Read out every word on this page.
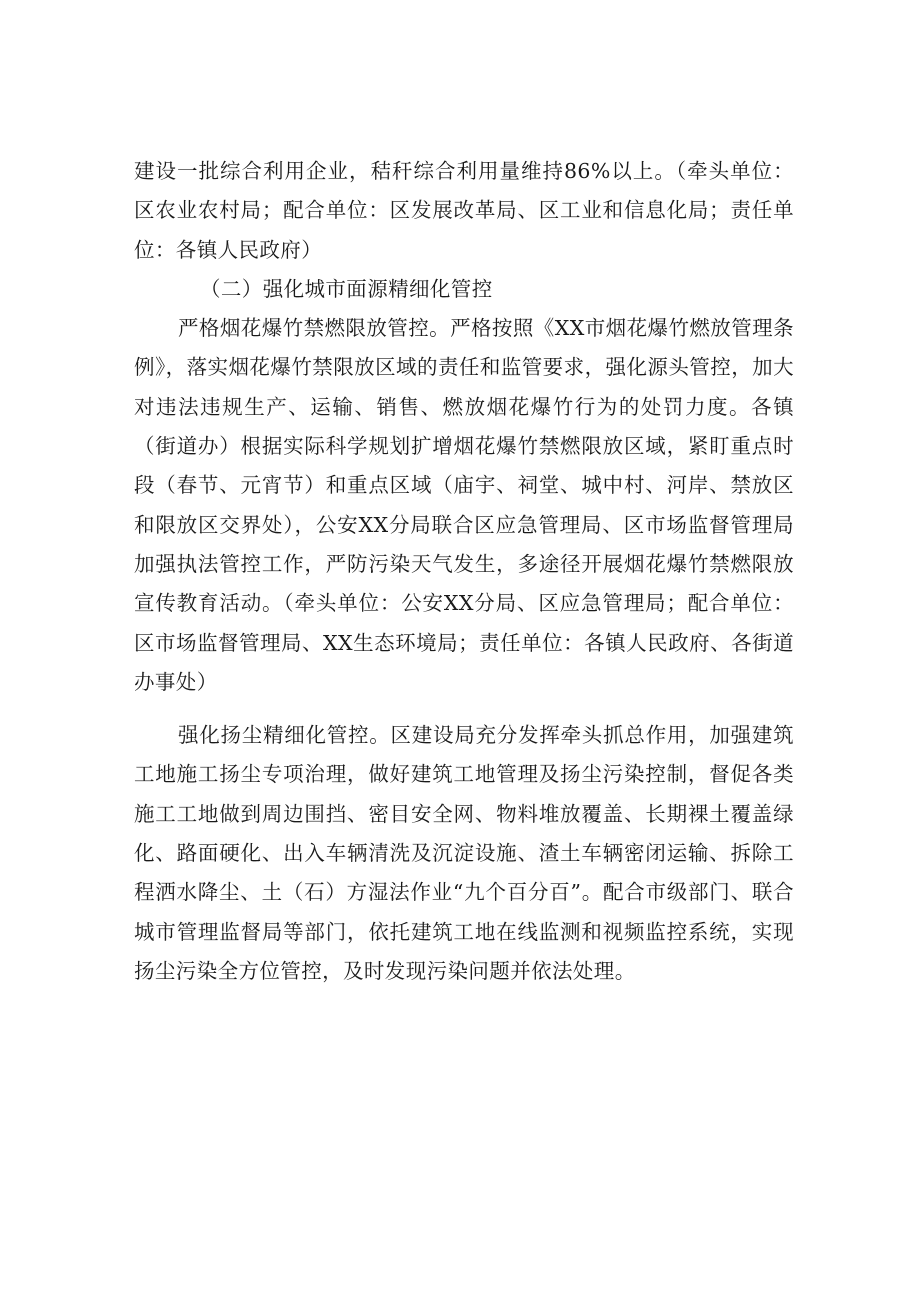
建设一批综合利用企业，秸秆综合利用量维持86%以上。（牵头单位：区农业农村局；配合单位：区发展改革局、区工业和信息化局；责任单位：各镇人民政府）

（二）强化城市面源精细化管控

严格烟花爆竹禁燃限放管控。严格按照《XX市烟花爆竹燃放管理条例》，落实烟花爆竹禁限放区域的责任和监管要求，强化源头管控，加大对违法违规生产、运输、销售、燃放烟花爆竹行为的处罚力度。各镇（街道办）根据实际科学规划扩增烟花爆竹禁燃限放区域，紧盯重点时段（春节、元宵节）和重点区域（庙宇、祠堂、城中村、河岸、禁放区和限放区交界处），公安XX分局联合区应急管理局、区市场监督管理局加强执法管控工作，严防污染天气发生，多途径开展烟花爆竹禁燃限放宣传教育活动。（牵头单位：公安XX分局、区应急管理局；配合单位：区市场监督管理局、XX生态环境局；责任单位：各镇人民政府、各街道办事处）

强化扬尘精细化管控。区建设局充分发挥牵头抓总作用，加强建筑工地施工扬尘专项治理，做好建筑工地管理及扬尘污染控制，督促各类施工工地做到周边围挡、密目安全网、物料堆放覆盖、长期裸土覆盖绿化、路面硬化、出入车辆清洗及沉淀设施、渣土车辆密闭运输、拆除工程洒水降尘、土（石）方湿法作业“九个百分百”。配合市级部门、联合城市管理监督局等部门，依托建筑工地在线监测和视频监控系统，实现扬尘污染全方位管控，及时发现污染问题并依法处理。
